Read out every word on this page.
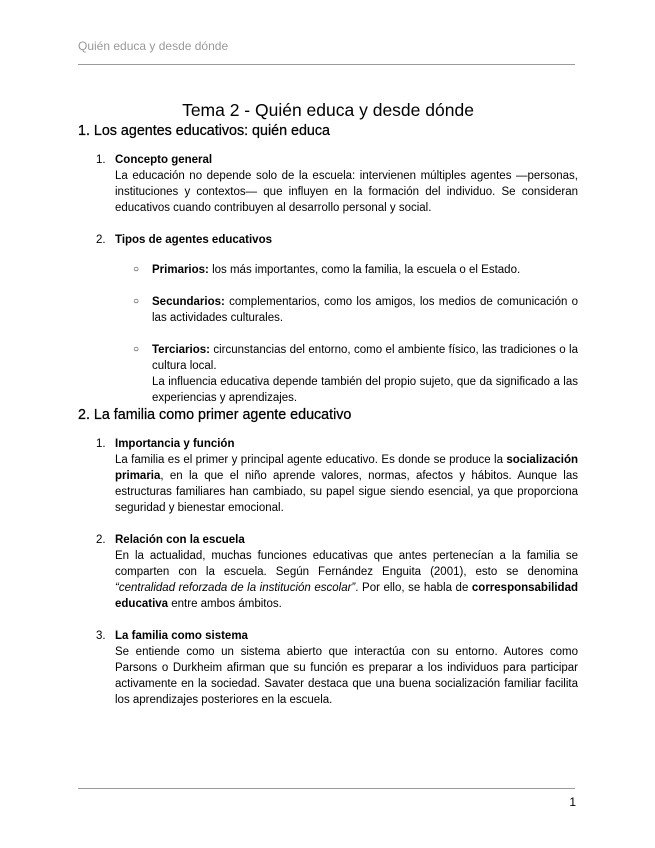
Quién educa y desde dónde
Tema 2 - Quién educa y desde dónde
1. Los agentes educativos: quién educa
1. Concepto general
La educación no depende solo de la escuela: intervienen múltiples agentes —personas, instituciones y contextos— que influyen en la formación del individuo. Se consideran educativos cuando contribuyen al desarrollo personal y social.
2. Tipos de agentes educativos
○ Primarios: los más importantes, como la familia, la escuela o el Estado.
○ Secundarios: complementarios, como los amigos, los medios de comunicación o las actividades culturales.
○ Terciarios: circunstancias del entorno, como el ambiente físico, las tradiciones o la cultura local.
La influencia educativa depende también del propio sujeto, que da significado a las experiencias y aprendizajes.
2. La familia como primer agente educativo
1. Importancia y función
La familia es el primer y principal agente educativo. Es donde se produce la socialización primaria, en la que el niño aprende valores, normas, afectos y hábitos. Aunque las estructuras familiares han cambiado, su papel sigue siendo esencial, ya que proporciona seguridad y bienestar emocional.
2. Relación con la escuela
En la actualidad, muchas funciones educativas que antes pertenecían a la familia se comparten con la escuela. Según Fernández Enguita (2001), esto se denomina “centralidad reforzada de la institución escolar”. Por ello, se habla de corresponsabilidad educativa entre ambos ámbitos.
3. La familia como sistema
Se entiende como un sistema abierto que interactúa con su entorno. Autores como Parsons o Durkheim afirman que su función es preparar a los individuos para participar activamente en la sociedad. Savater destaca que una buena socialización familiar facilita los aprendizajes posteriores en la escuela.
1
